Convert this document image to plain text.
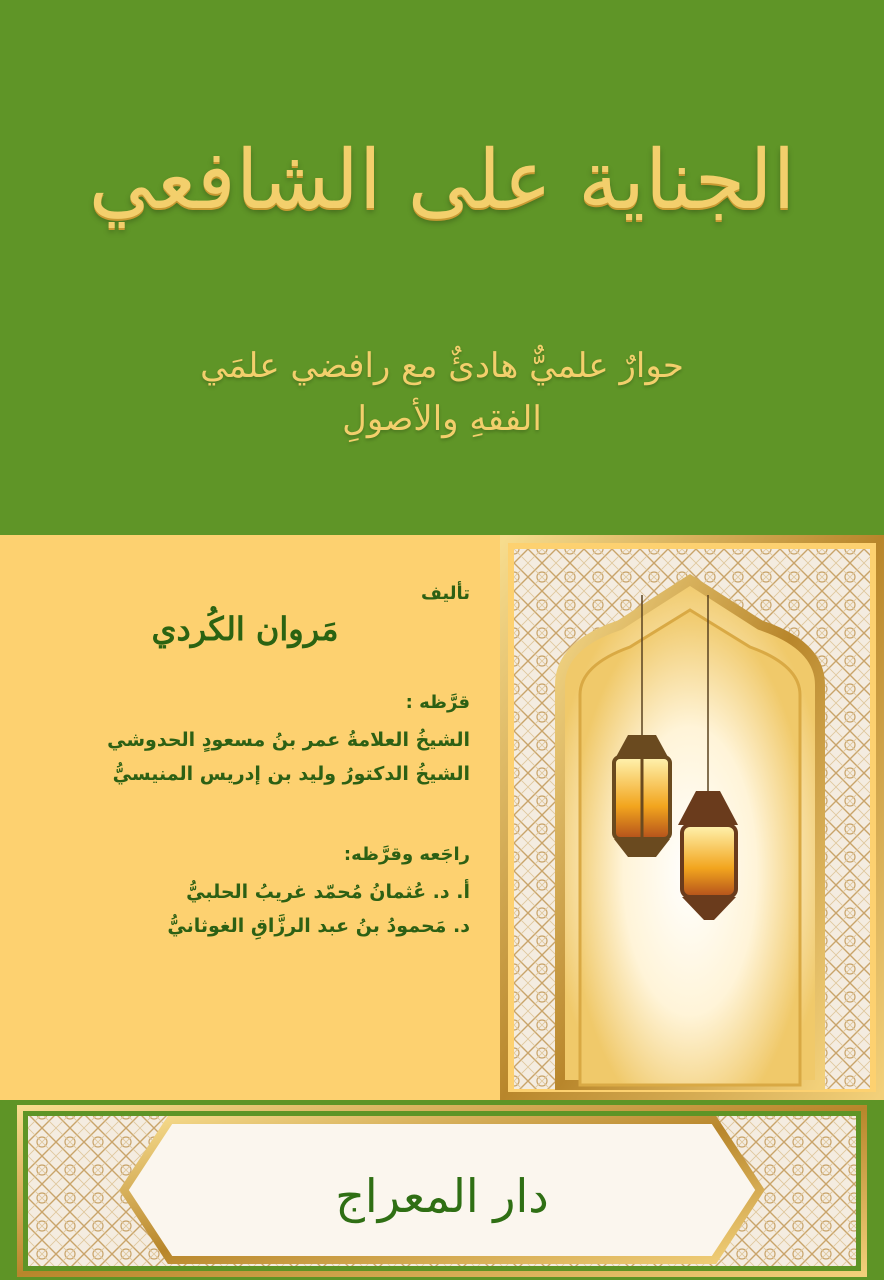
الجناية على الشافعي
حوارٌ علميٌّ هادئٌ مع رافضي علمَي
الفقهِ والأصولِ
تأليف
مَروان الكُردي
قرَّظه :
الشيخُ العلامةُ عمر بنُ مسعودٍ الحدوشي
الشيخُ الدكتورُ وليد بن إدريس المنيسيُّ
راجَعه وقرَّظه:
أ. د. عُثمانُ مُحمّد غريبُ الحلبيُّ
د. مَحمودُ بنُ عبد الرزَّاقِ الغوثانيُّ
دار المعراج
